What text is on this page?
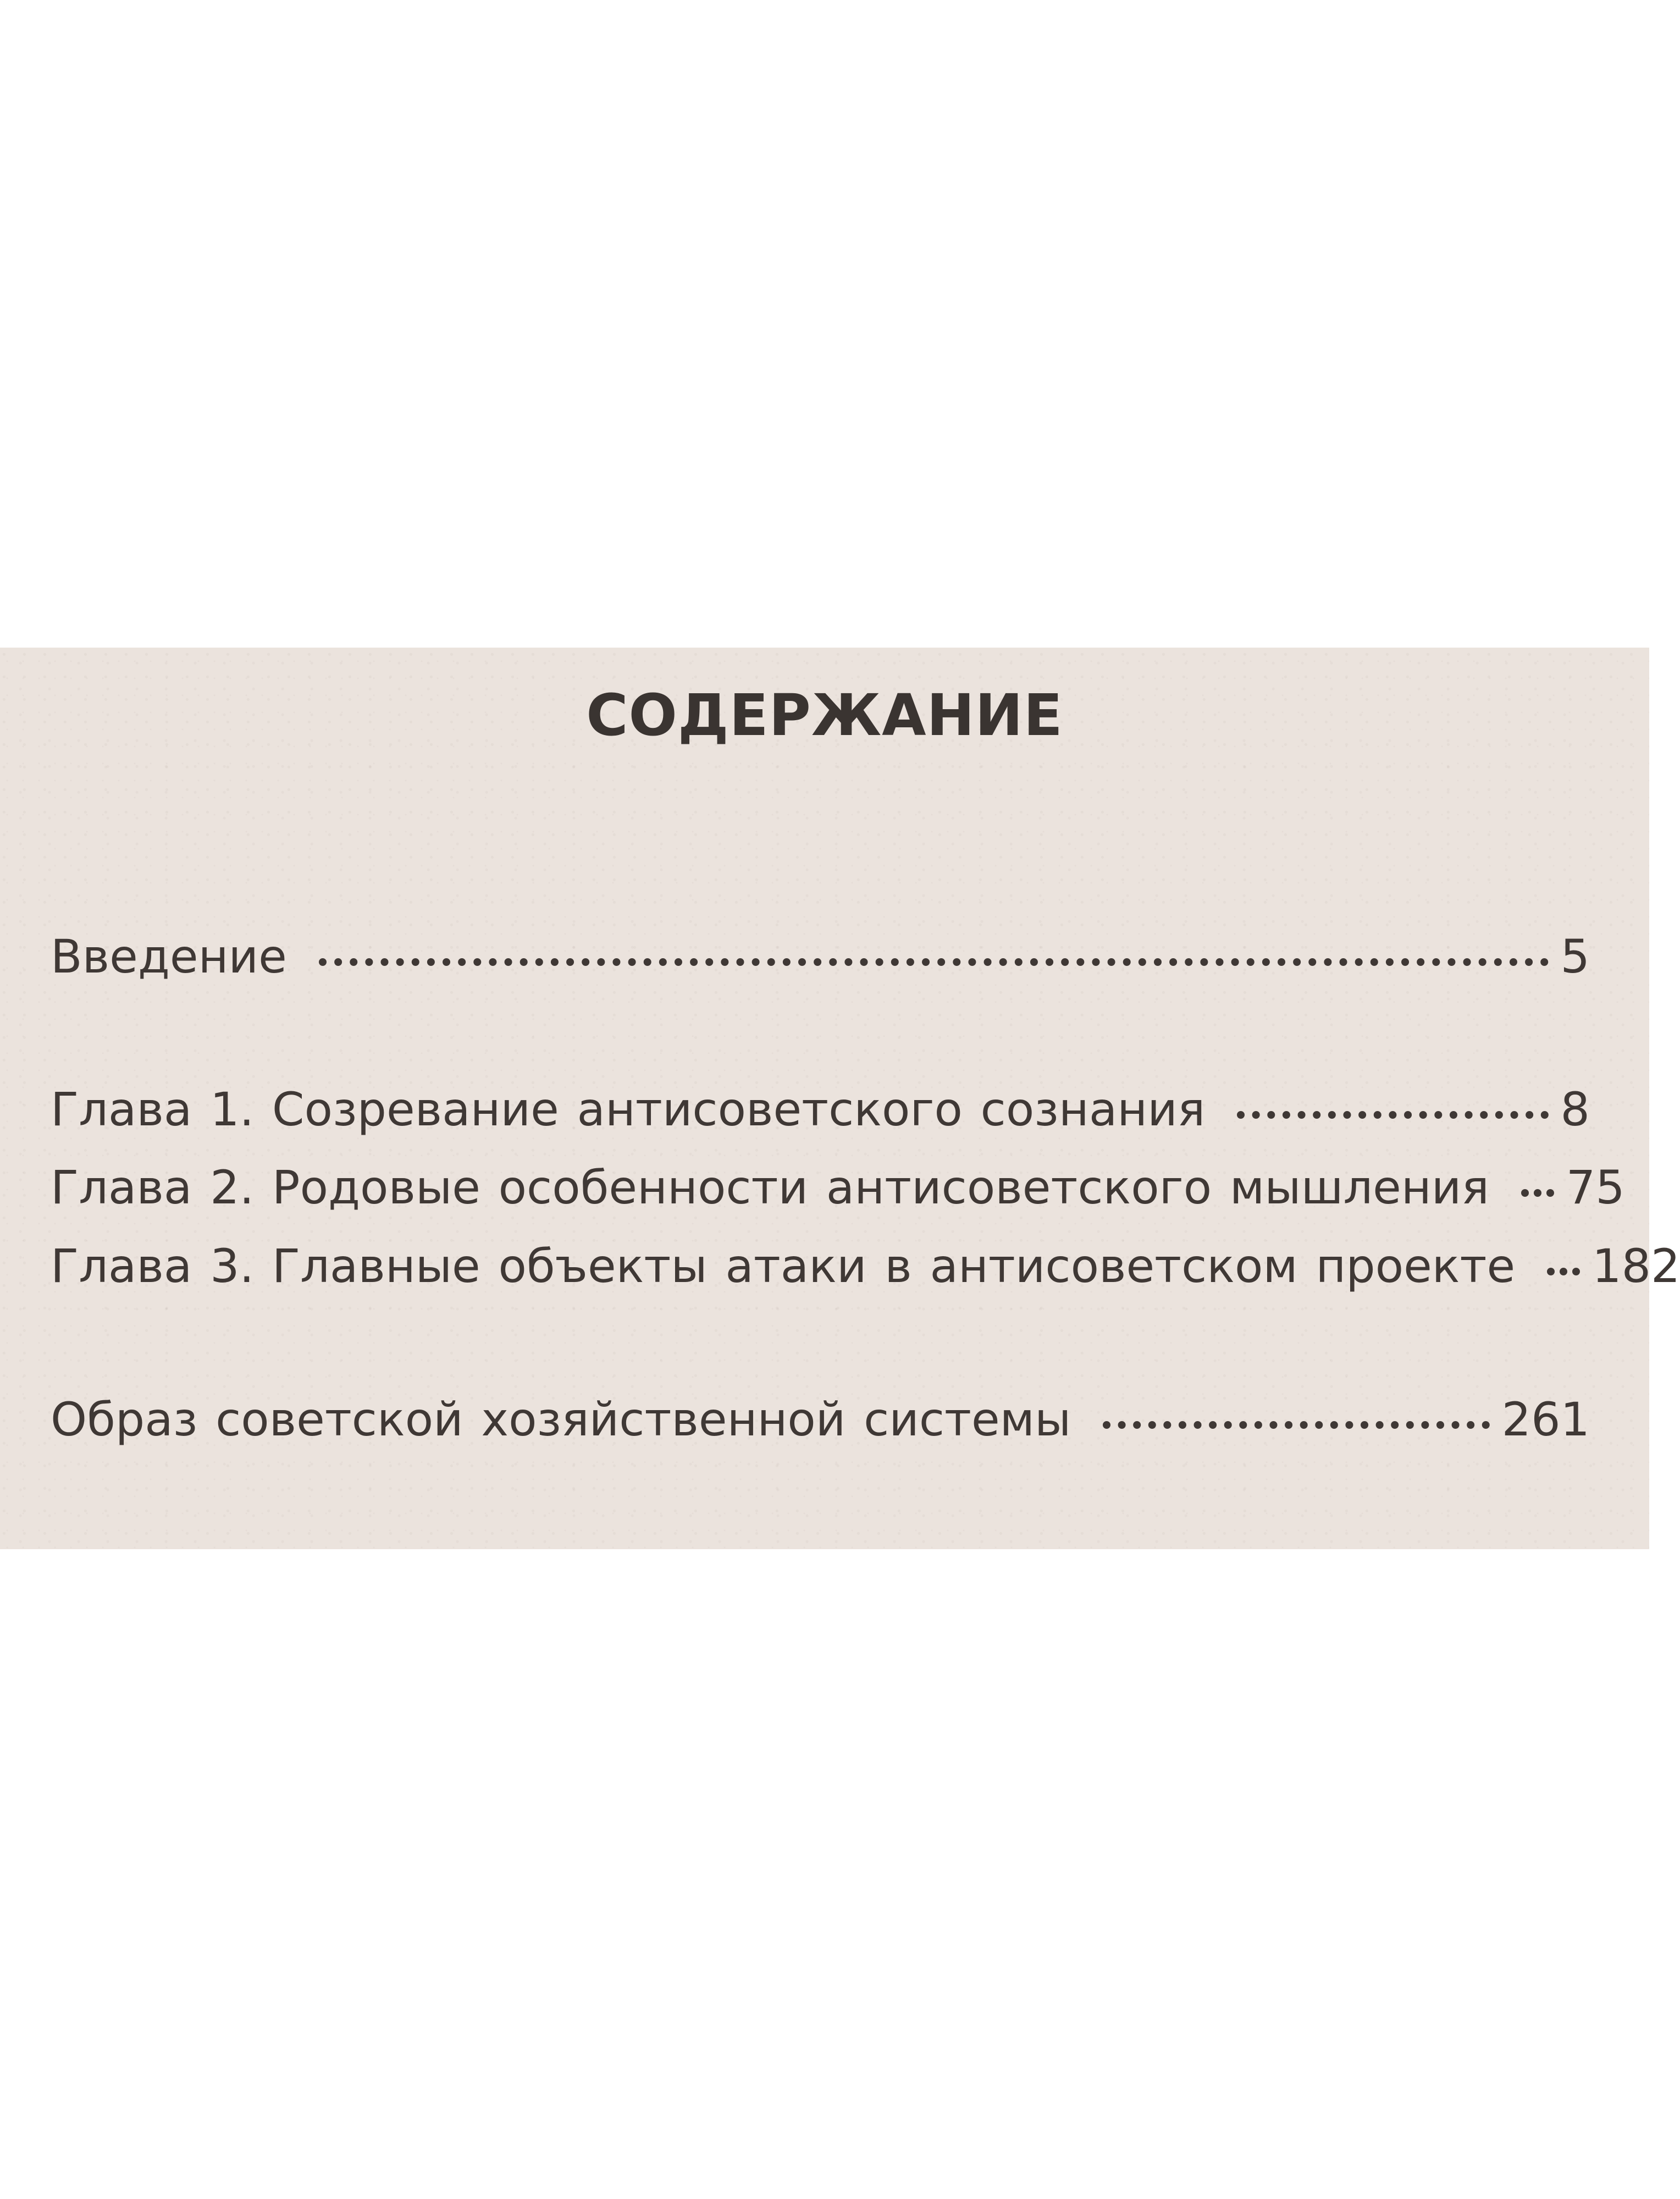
СОДЕРЖАНИЕ
Введение	5
Глава 1. Созревание антисоветского сознания	8
Глава 2. Родовые особенности антисоветского мышления 75
Глава 3. Главные объекты атаки в антисоветском проекте 182
Образ советской хозяйственной системы	261
